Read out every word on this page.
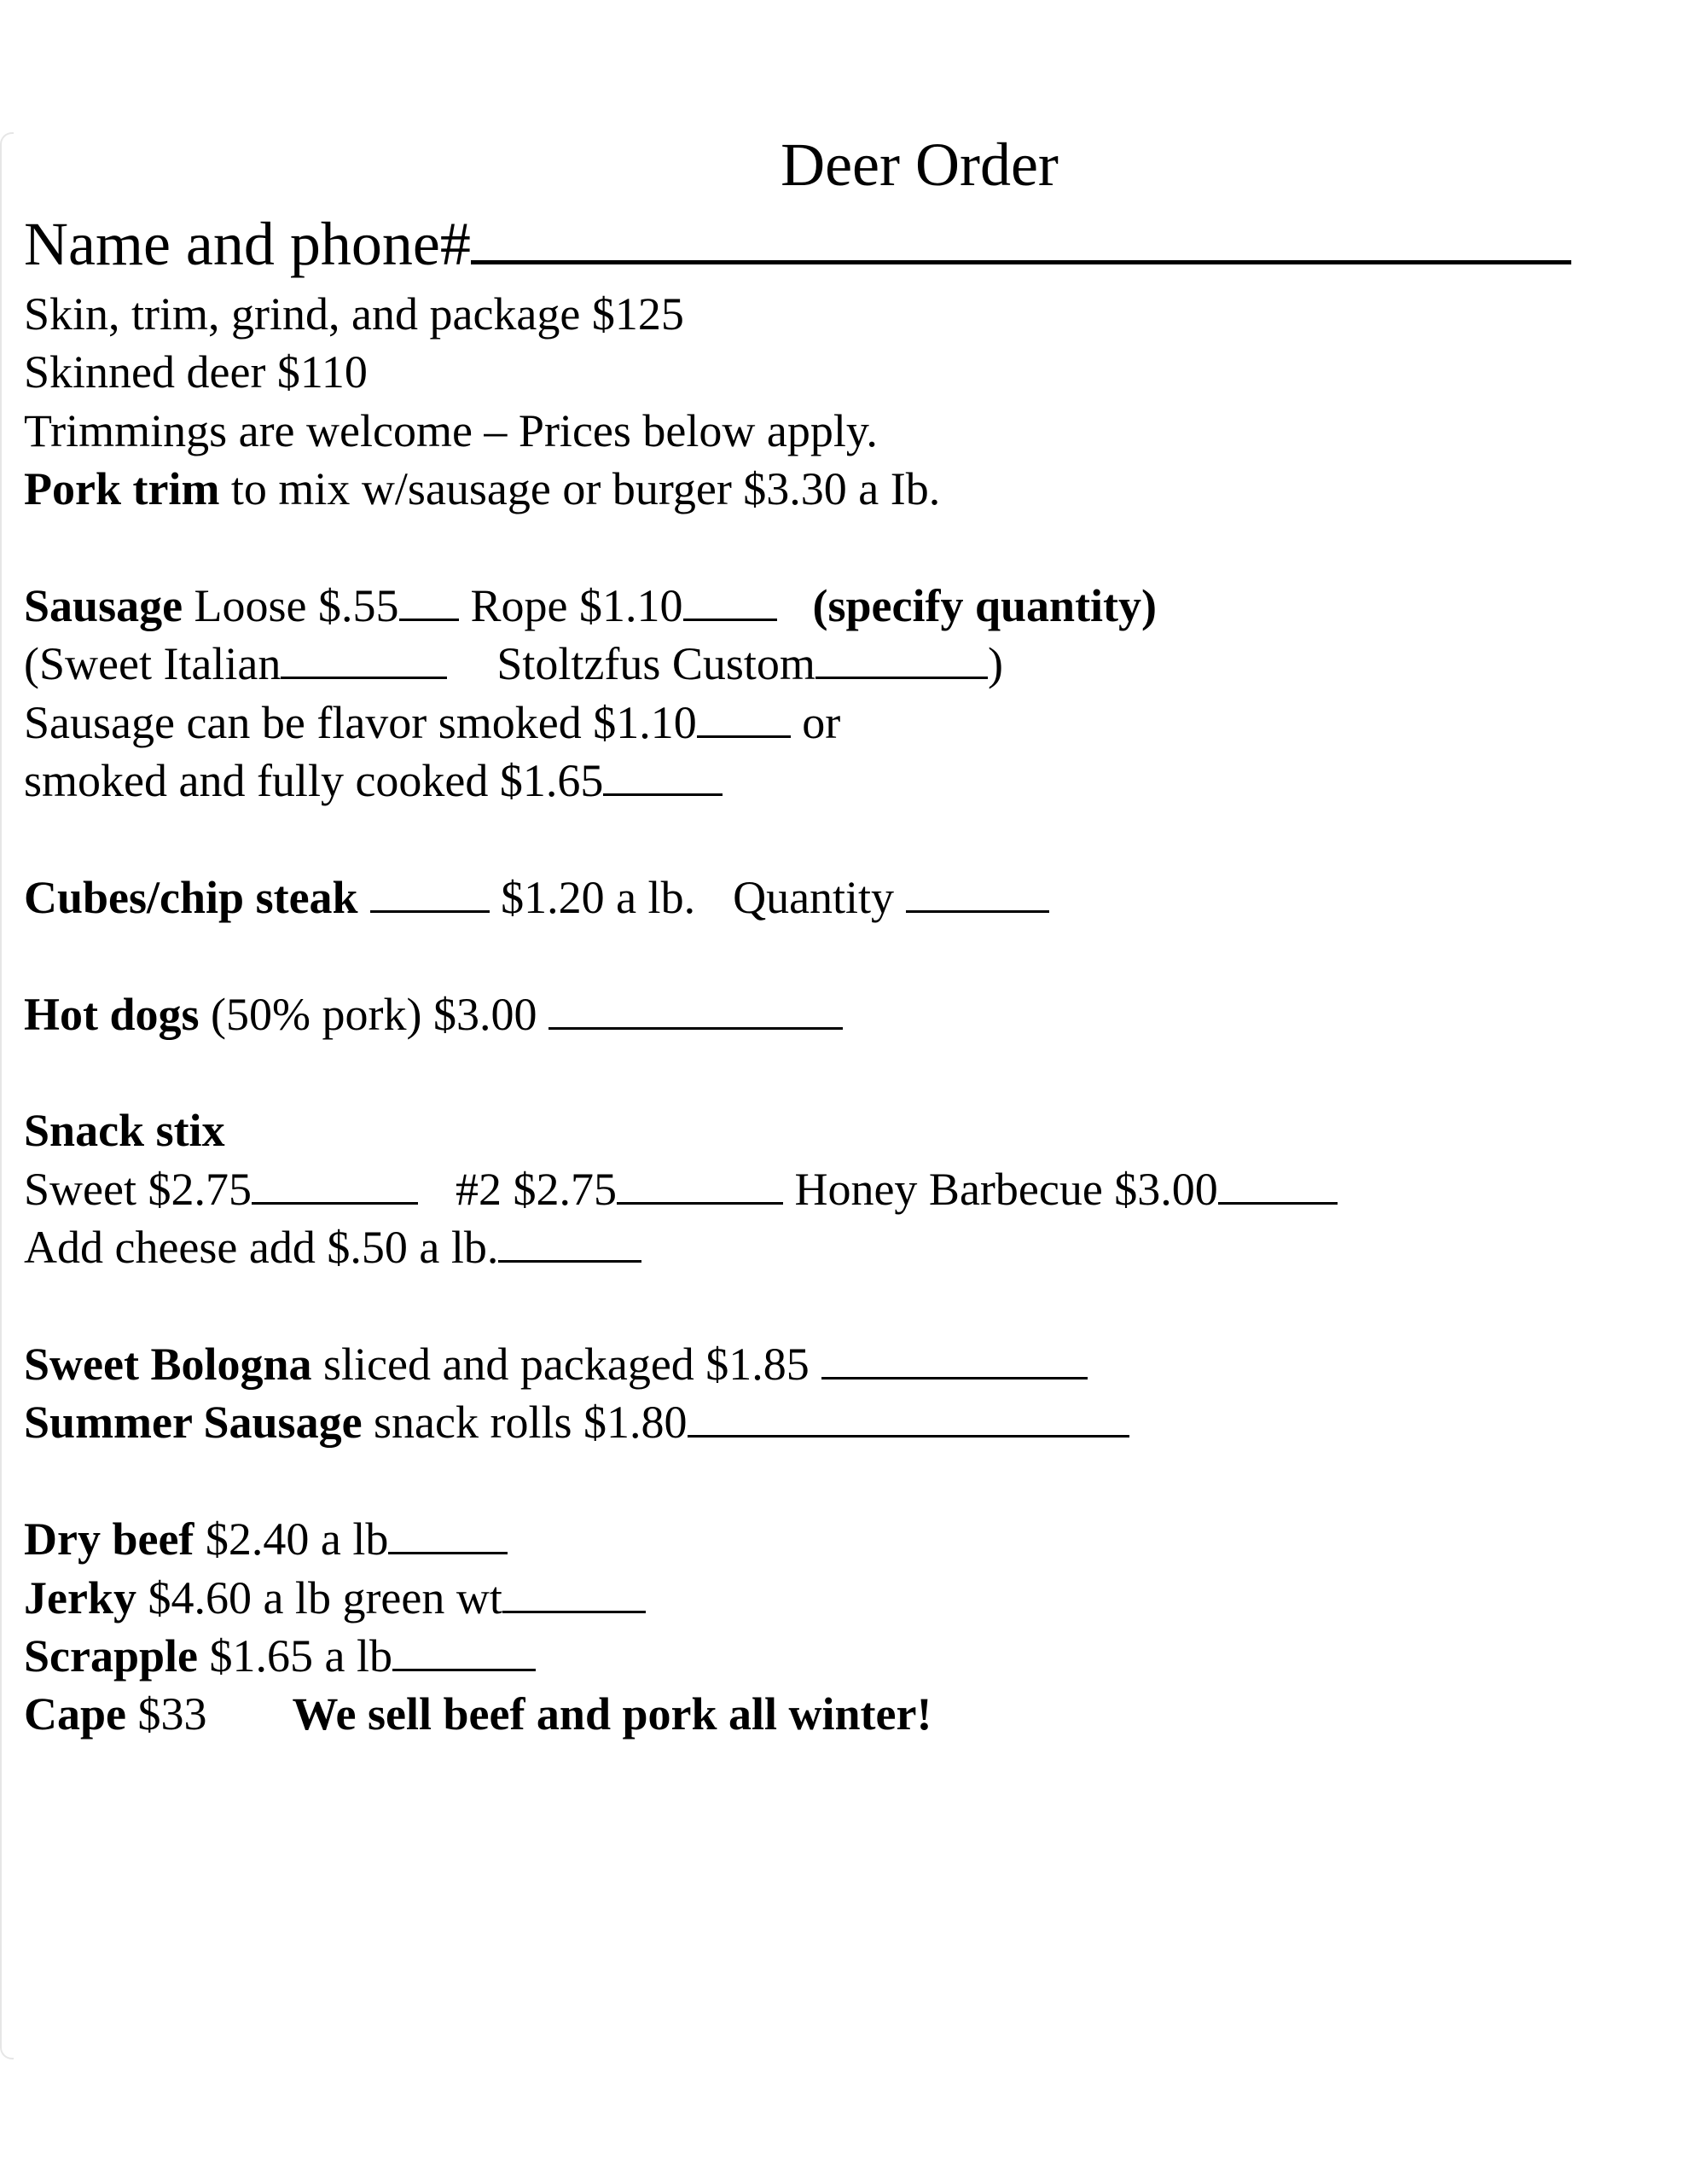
Deer Order
Name and phone#
Skin, trim, grind, and package $125
Skinned deer $110
Trimmings are welcome – Prices below apply.
Pork trim to mix w/sausage or burger $3.30 a Ib.
Sausage Loose $.55 Rope $1.10	(specify quantity)
(Sweet Italian	Stoltzfus Custom	)
Sausage can be flavor smoked $1.10 or
smoked and fully cooked $1.65
Cubes/chip steak	$1.20 a lb. Quantity
Hot dogs (50% pork) $3.00
Snack stix
Sweet $2.75	#2 $2.75	Honey Barbecue $3.00
Add cheese add $.50 a lb.
Sweet Bologna sliced and packaged $1.85
Summer Sausage snack rolls $1.80
Dry beef $2.40 a lb
Jerky $4.60 a lb green wt
Scrapple $1.65 a lb
Cape $33 We sell beef and pork all winter!
